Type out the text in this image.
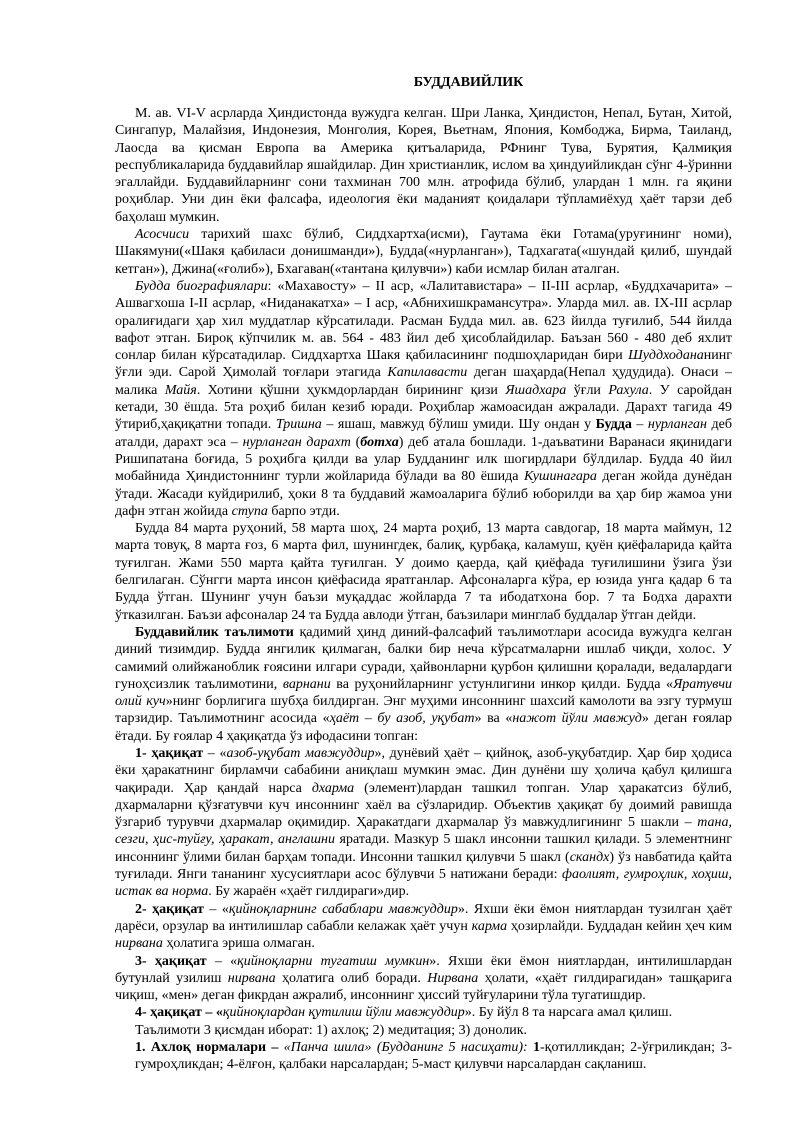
БУДДАВИЙЛИК

М. ав. VI-V асрларда Ҳиндистонда вужудга келган. Шри Ланка, Ҳиндистон, Непал, Бутан, Хитой, Сингапур, Малайзия, Индонезия, Монголия, Корея, Вьетнам, Япония, Комбоджа, Бирма, Таиланд, Лаосда ва қисман Европа ва Америка қитъаларида, РФнинг Тува, Бурятия, Қалмиқия республикаларида буддавийлар яшайдилар. Дин христианлик, ислом ва ҳиндуийликдан сўнг 4-ўринни эгаллайди. Буддавийларнинг сони тахминан 700 млн. атрофида бўлиб, улардан 1 млн. га яқини роҳиблар. Уни дин ёки фалсафа, идеология ёки маданият қоидалари тўпламиёхуд ҳаёт тарзи деб баҳолаш мумкин.

Асосчиси тарихий шахс бўлиб, Сиддхартха(исми), Гаутама ёки Готама(уруғининг номи), Шакямуни(«Шакя қабиласи донишманди»), Будда(«нурланган»), Тадхагата(«шундай қилиб, шундай кетган»), Джина(«ғолиб»), Бхагаван(«тантана қилувчи») каби исмлар билан аталган.

Будда биографиялари: «Махавосту» – II аср, «Лалитавистара» – II-III асрлар, «Буддхачарита» – Ашвагхоша I-II асрлар, «Ниданакатха» – I аср, «Абнихишкрамансутра». Уларда мил. ав. IX-III асрлар оралиғидаги ҳар хил муддатлар кўрсатилади. Расман Будда мил. ав. 623 йилда туғилиб, 544 йилда вафот этган. Бироқ кўпчилик м. ав. 564 - 483 йил деб ҳисоблайдилар. Баъзан 560 - 480 деб яхлит сонлар билан кўрсатадилар. Сиддхартха Шакя қабиласининг подшоҳларидан бири Шуддходананинг ўғли эди. Сарой Ҳимолай тоғлари этагида Капилавасти деган шаҳарда(Непал ҳудудида). Онаси – малика Майя. Хотини қўшни ҳукмдорлардан бирининг қизи Яшадхара ўғли Рахула. У саройдан кетади, 30 ёшда. 5та роҳиб билан кезиб юради. Роҳиблар жамоасидан ажралади. Дарахт тагида 49 ўтириб,ҳақиқатни топади. Тришна – яшаш, мавжуд бўлиш умиди. Шу ондан у Будда – нурланган деб аталди, дарахт эса – нурланган дарахт (ботха) деб атала бошлади. 1-даъватини Варанаси яқинидаги Ришипатана боғида, 5 роҳибга қилди ва улар Будданинг илк шогирдлари бўлдилар. Будда 40 йил мобайнида Ҳиндистоннинг турли жойларида бўлади ва 80 ёшида Кушинагара деган жойда дунёдан ўтади. Жасади куйдирилиб, ҳоки 8 та буддавий жамоаларига бўлиб юборилди ва ҳар бир жамоа уни дафн этган жойида ступа барпо этди.

Будда 84 марта руҳоний, 58 марта шоҳ, 24 марта роҳиб, 13 марта савдогар, 18 марта маймун, 12 марта товуқ, 8 марта ғоз, 6 марта фил, шунингдек, балиқ, қурбақа, каламуш, қуён қиёфаларида қайта туғилган. Жами 550 марта қайта туғилган. У доимо қаерда, қай қиёфада туғилишини ўзига ўзи белгилаган. Сўнгги марта инсон қиёфасида яратганлар. Афсоналарга кўра, ер юзида унга қадар 6 та Будда ўтган. Шунинг учун баъзи муқаддас жойларда 7 та ибодатхона бор. 7 та Бодха дарахти ўтказилган. Баъзи афсоналар 24 та Будда авлоди ўтган, баъзилари минглаб буддалар ўтган дейди.

Буддавийлик таълимоти қадимий ҳинд диний-фалсафий таълимотлари асосида вужудга келган диний тизимдир. Будда янгилик қилмаган, балки бир неча кўрсатмаларни ишлаб чиқди, холос. У самимий олийжанoблик ғоясини илгари суради, ҳайвонларни қурбон қилишни қоралади, ведалардаги гуноҳсизлик таълимотини, варнани ва руҳонийларнинг устунлигини инкор қилди. Будда «Яратувчи олий куч»нинг борлигига шубҳа билдирган. Энг муҳими инсоннинг шахсий камолоти ва эзгу турмуш тарзидир. Таълимотнинг асосида «ҳаёт – бу азоб, уқубат» ва «нажот йўли мавжуд» деган ғоялар ётади. Бу ғоялар 4 ҳақиқатда ўз ифодасини топган:

1- ҳақиқат – «азоб-уқубат мавжуддир», дунёвий ҳаёт – қийноқ, азоб-уқубатдир. Ҳар бир ҳодиса ёки ҳаракатнинг бирламчи сабабини аниқлаш мумкин эмас. Дин дунёни шу ҳолича қабул қилишга чақиради. Ҳар қандай нарса дхарма (элемент)лардан ташкил топган. Улар ҳаракатсиз бўлиб, дхармаларни қўзғатувчи куч инсоннинг хаёл ва сўзларидир. Объектив ҳақиқат бу доимий равишда ўзгариб турувчи дхармалар оқимидир. Ҳаракатдаги дхармалар ўз мавжудлигининг 5 шакли – тана, сезги, ҳис-туйғу, ҳаракат, англашни яратади. Мазкур 5 шакл инсонни ташкил қилади. 5 элементнинг инсоннинг ўлими билан барҳам топади. Инсонни ташкил қилувчи 5 шакл (скандх) ўз навбатида қайта туғилади. Янги тананинг хусусиятлари асос бўлувчи 5 натижани беради: фаолият, гумроҳлик, хоҳиш, истак ва норма. Бу жараён «ҳаёт гилдираги»дир.

2- ҳақиқат – «қийноқларнинг сабаблари мавжуддир». Яхши ёки ёмон ниятлардан тузилган ҳаёт дарёси, орзулар ва интилишлар сабабли келажак ҳаёт учун карма ҳозирлайди. Буддадан кейин ҳеч ким нирвана ҳолатига эриша олмаган.

3- ҳақиқат – «қийноқларни тугатиш мумкин». Яхши ёки ёмон ниятлардан, интилишлардан бутунлай узилиш нирвана ҳолатига олиб боради. Нирвана ҳолати, «ҳаёт гилдирагидан» ташқарига чиқиш, «мен» деган фикрдан ажралиб, инсоннинг ҳиссий туйғуларини тўла тугатишдир.

4- ҳақиқат – «қийноқлардан қутилиш йўли мавжуддир». Бу йўл 8 та нарсага амал қилиш.

Таълимоти 3 қисмдан иборат: 1) ахлоқ; 2) медитация; 3) донолик.

1. Ахлоқ нормалари – «Панча шила» (Будданинг 5 насиҳати): 1-қотилликдан; 2-ўғриликдан; 3-гумроҳликдан; 4-ёлғон, қалбаки нарсалардан; 5-маст қилувчи нарсалардан сақланиш.
